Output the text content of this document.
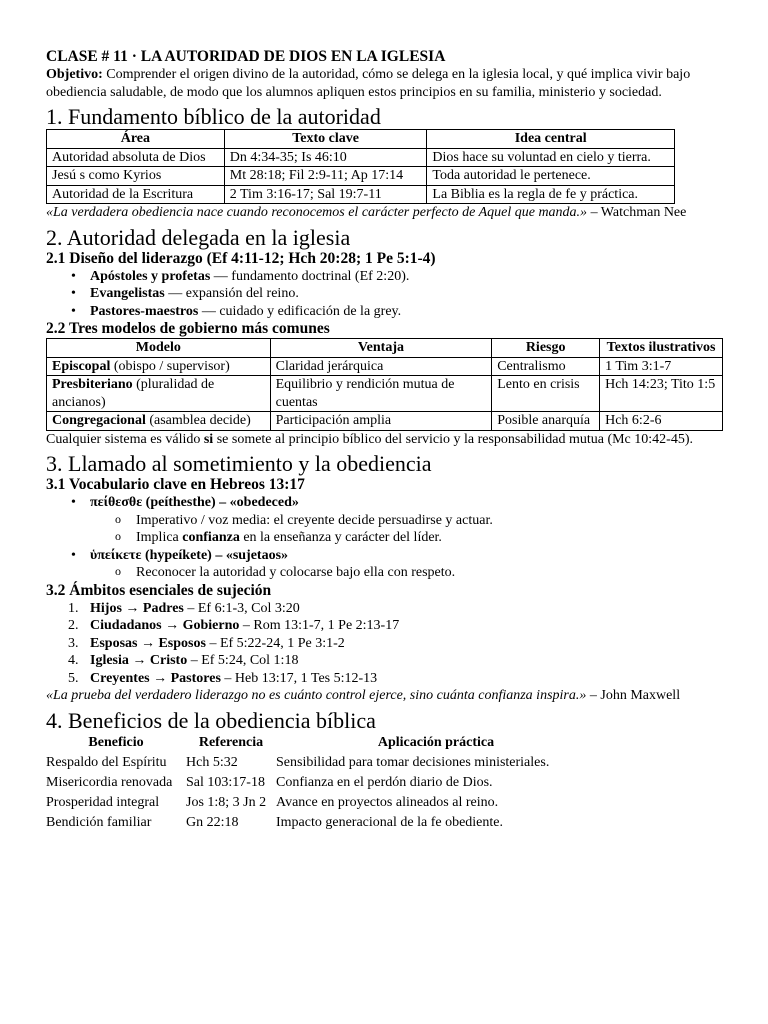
CLASE # 11 · LA AUTORIDAD DE DIOS EN LA IGLESIA

Objetivo: Comprender el origen divino de la autoridad, cómo se delega en la iglesia local, y qué implica vivir bajo obediencia saludable, de modo que los alumnos apliquen estos principios en su familia, ministerio y sociedad.

1. Fundamento bíblico de la autoridad
Área	Texto clave	Idea central
Autoridad absoluta de Dios	Dn 4:34-35; Is 46:10	Dios hace su voluntad en cielo y tierra.
Jesú s como Kyrios	Mt 28:18; Fil 2:9-11; Ap 17:14	Toda autoridad le pertenece.
Autoridad de la Escritura	2 Tim 3:16-17; Sal 19:7-11	La Biblia es la regla de fe y práctica.

«La verdadera obediencia nace cuando reconocemos el carácter perfecto de Aquel que manda.» – Watchman Nee

2. Autoridad delegada en la iglesia
2.1 Diseño del liderazgo (Ef 4:11-12; Hch 20:28; 1 Pe 5:1-4)
• Apóstoles y profetas — fundamento doctrinal (Ef 2:20).
• Evangelistas — expansión del reino.
• Pastores-maestros — cuidado y edificación de la grey.
2.2 Tres modelos de gobierno más comunes
Modelo	Ventaja	Riesgo	Textos ilustrativos
Episcopal (obispo / supervisor)	Claridad jerárquica	Centralismo	1 Tim 3:1-7
Presbiteriano (pluralidad de ancianos)	Equilibrio y rendición mutua de cuentas	Lento en crisis	Hch 14:23; Tito 1:5
Congregacional (asamblea decide)	Participación amplia	Posible anarquía	Hch 6:2-6

Cualquier sistema es válido si se somete al principio bíblico del servicio y la responsabilidad mutua (Mc 10:42-45).

3. Llamado al sometimiento y la obediencia
3.1 Vocabulario clave en Hebreos 13:17
• πείθεσθε (peíthesthe) – «obedeced»
o Imperativo / voz media: el creyente decide persuadirse y actuar.
o Implica confianza en la enseñanza y carácter del líder.
• ὑπείκετε (hypeíkete) – «sujetaos»
o Reconocer la autoridad y colocarse bajo ella con respeto.
3.2 Ámbitos esenciales de sujeción
1. Hijos → Padres – Ef 6:1-3, Col 3:20
2. Ciudadanos → Gobierno – Rom 13:1-7, 1 Pe 2:13-17
3. Esposas → Esposos – Ef 5:22-24, 1 Pe 3:1-2
4. Iglesia → Cristo – Ef 5:24, Col 1:18
5. Creyentes → Pastores – Heb 13:17, 1 Tes 5:12-13

«La prueba del verdadero liderazgo no es cuánto control ejerce, sino cuánta confianza inspira.» – John Maxwell

4. Beneficios de la obediencia bíblica
Beneficio	Referencia	Aplicación práctica
Respaldo del Espíritu	Hch 5:32	Sensibilidad para tomar decisiones ministeriales.
Misericordia renovada	Sal 103:17-18	Confianza en el perdón diario de Dios.
Prosperidad integral	Jos 1:8; 3 Jn 2	Avance en proyectos alineados al reino.
Bendición familiar	Gn 22:18	Impacto generacional de la fe obediente.
